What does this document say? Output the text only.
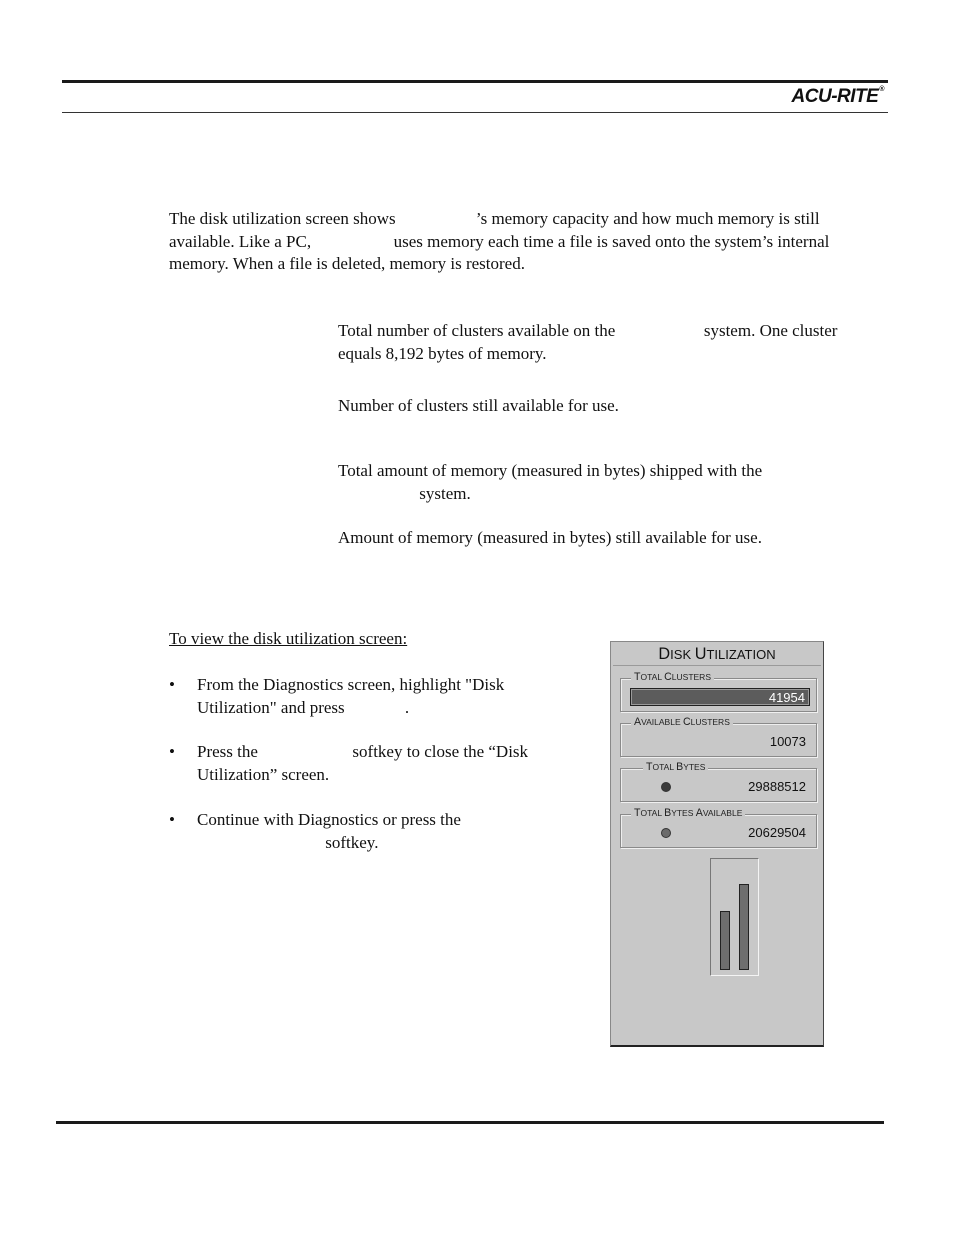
ACU-RITE®

The disk utilization screen shows	’s memory capacity and how much memory is still available. Like a PC,	uses memory each time a file is saved onto the system’s internal memory. When a file is deleted, memory is restored.

Total number of clusters available on the	system. One cluster equals 8,192 bytes of memory.

Number of clusters still available for use.

Total amount of memory (measured in bytes) shipped with the
system.

Amount of memory (measured in bytes) still available for use.

To view the disk utilization screen:

• From the Diagnostics screen, highlight "Disk Utilization" and press	.
• Press the	softkey to close the “Disk Utilization” screen.
• Continue with Diagnostics or press the
softkey.
DISK UTILIZATION
TOTAL CLUSTERS
41954
AVAILABLE CLUSTERS
10073
TOTAL BYTES
29888512
TOTAL BYTES AVAILABLE
20629504
